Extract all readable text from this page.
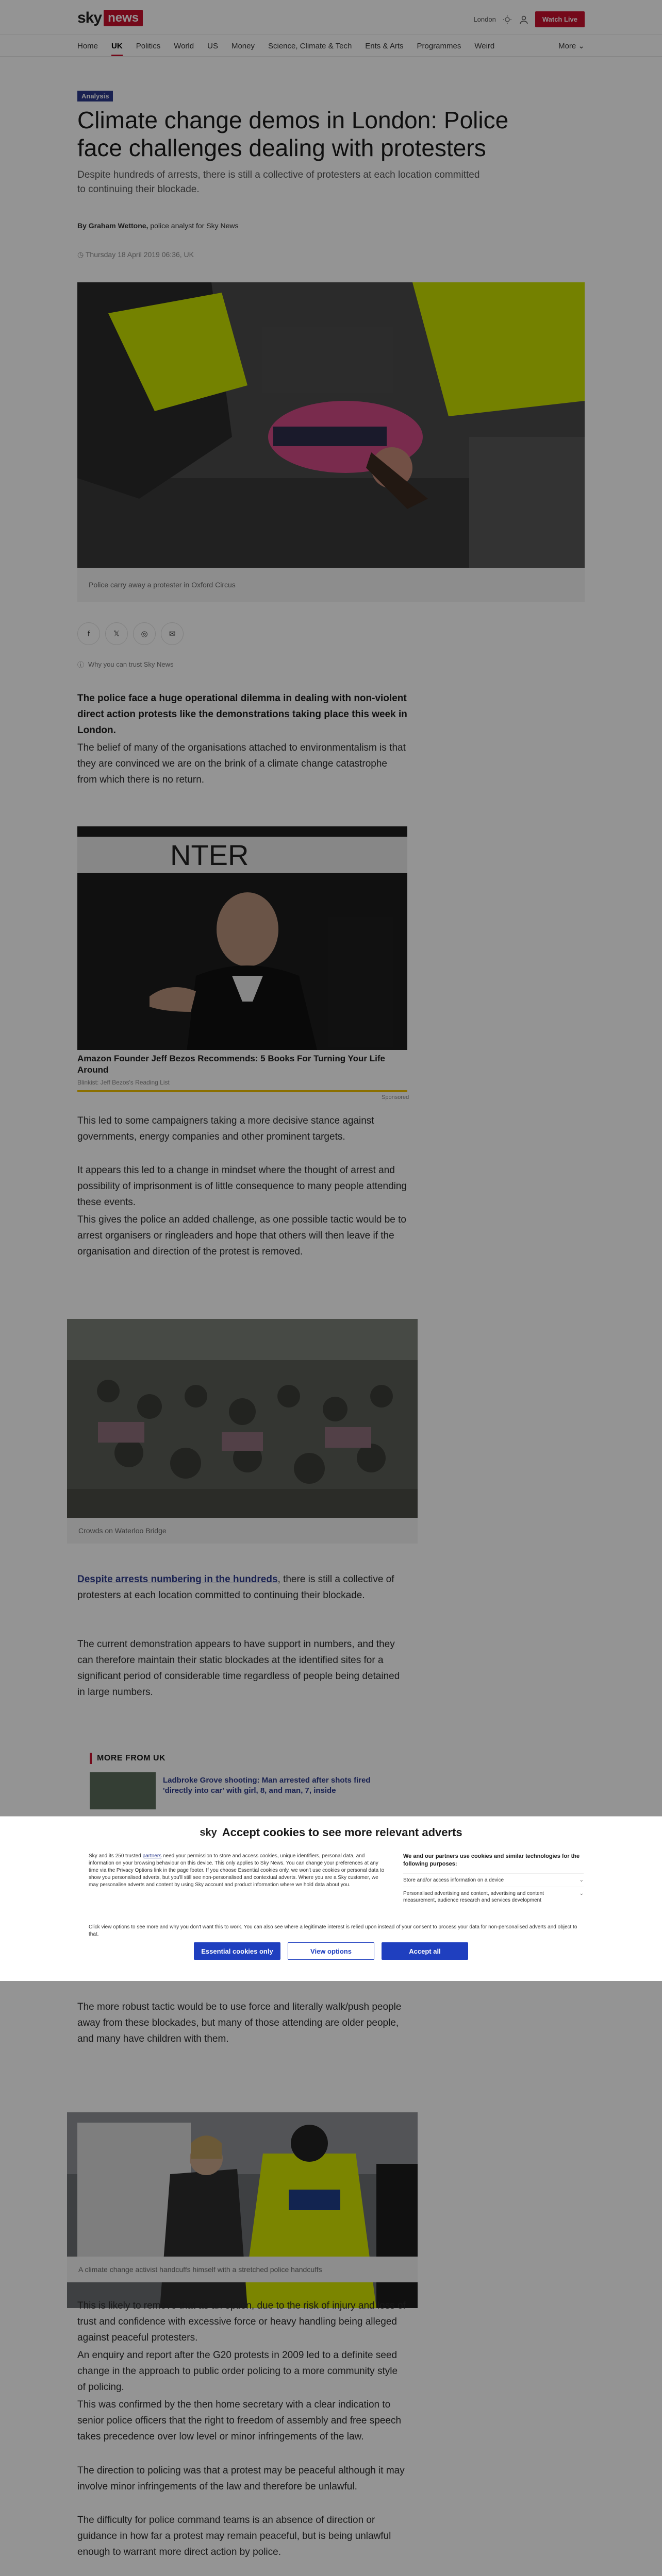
sky news	London	Watch Live
Home UK Politics World US Money Science, Climate & Tech Ents & Arts Programmes Weird	More ⌄
Analysis
Climate change demos in London: Police face challenges dealing with protesters

Despite hundreds of arrests, there is still a collective of protesters at each location committed to continuing their blockade.

By Graham Wettone, police analyst for Sky News

◷ Thursday 18 April 2019 06:36, UK

Police carry away a protester in Oxford Circus
f	𝕏	◎	✉
ⓘ Why you can trust Sky News

The police face a huge operational dilemma in dealing with non-violent direct action protests like the demonstrations taking place this week in London.

The belief of many of the organisations attached to environmentalism is that they are convinced we are on the brink of a climate change catastrophe from which there is no return.

NTER
Amazon Founder Jeff Bezos Recommends: 5 Books For Turning Your Life Around
Blinkist: Jeff Bezos's Reading List
Sponsored

This led to some campaigners taking a more decisive stance against governments, energy companies and other prominent targets.

It appears this led to a change in mindset where the thought of arrest and possibility of imprisonment is of little consequence to many people attending these events.

This gives the police an added challenge, as one possible tactic would be to arrest organisers or ringleaders and hope that others will then leave if the organisation and direction of the protest is removed.

Crowds on Waterloo Bridge

Despite arrests numbering in the hundreds, there is still a collective of protesters at each location committed to continuing their blockade.

The current demonstration appears to have support in numbers, and they can therefore maintain their static blockades at the identified sites for a significant period of considerable time regardless of people being detained in large numbers.

MORE FROM UK
Ladbroke Grove shooting: Man arrested after shots fired 'directly into car' with girl, 8, and man, 7, inside
sky Accept cookies to see more relevant adverts

Sky and its 250 trusted partners need your permission to store and access cookies, unique identifiers, personal data, and information on your browsing behaviour on this device. This only applies to Sky News. You can change your preferences at any time via the Privacy Options link in the page footer. If you choose Essential cookies only, we won't use cookies or personal data to show you personalised adverts, but you'll still see non-personalised and contextual adverts. Where you are a Sky customer, we may personalise adverts and content by using Sky account and product information where we hold data about you.

We and our partners use cookies and similar technologies for the following purposes:

Store and/or access information on a device	⌄
Personalised advertising and content, advertising and content measurement, audience research and services development
⌄

Click view options to see more and why you don't want this to work. You can also see where a legitimate interest is relied upon instead of your consent to process your data for non-personalised adverts and object to that.

Essential cookies only	View options	Accept all

The more robust tactic would be to use force and literally walk/push people away from these blockades, but many of those attending are older people, and many have children with them.

A climate change activist handcuffs himself with a stretched police handcuffs

This is likely to remove that as an option, due to the risk of injury and loss of trust and confidence with excessive force or heavy handling being alleged against peaceful protesters.

An enquiry and report after the G20 protests in 2009 led to a definite seed change in the approach to public order policing to a more community style of policing.

This was confirmed by the then home secretary with a clear indication to senior police officers that the right to freedom of assembly and free speech takes precedence over low level or minor infringements of the law.

The direction to policing was that a protest may be peaceful although it may involve minor infringements of the law and therefore be unlawful.

The difficulty for police command teams is an absence of direction or guidance in how far a protest may remain peaceful, but is being unlawful enough to warrant more direct action by police.
